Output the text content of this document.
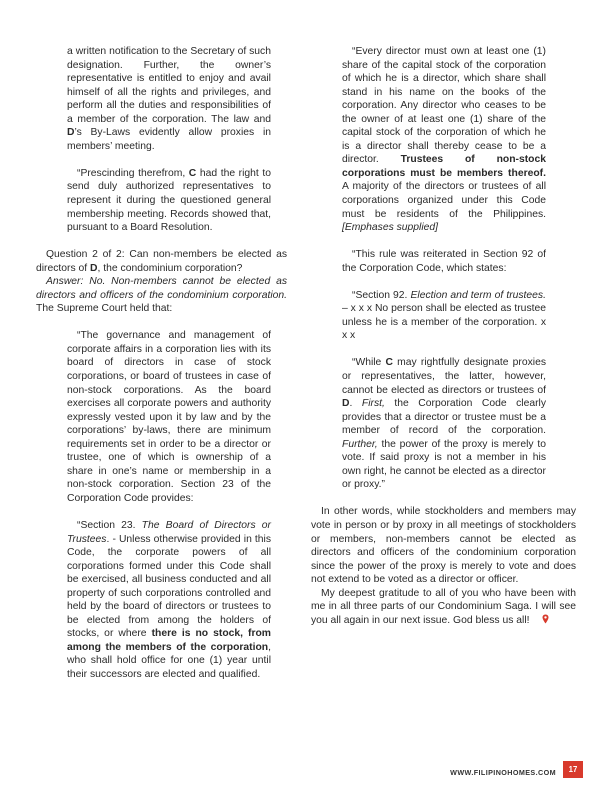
a written notification to the Secretary of such designation. Further, the owner’s representative is entitled to enjoy and avail himself of all the rights and privileges, and perform all the duties and responsibilities of a member of the corporation. The law and D’s By-Laws evidently allow proxies in members’ meeting.

“Prescinding therefrom, C had the right to send duly authorized representatives to represent it during the questioned general membership meeting. Records showed that, pursuant to a Board Resolution.

Question 2 of 2: Can non-members be elected as directors of D, the condominium corporation?

Answer: No. Non-members cannot be elected as directors and officers of the condominium corporation. The Supreme Court held that:

“The governance and management of corporate affairs in a corporation lies with its board of directors in case of stock corporations, or board of trustees in case of non-stock corporations. As the board exercises all corporate powers and authority expressly vested upon it by law and by the corporations’ by-laws, there are minimum requirements set in order to be a director or trustee, one of which is ownership of a share in one’s name or membership in a non-stock corporation. Section 23 of the Corporation Code provides:

“Section 23. The Board of Directors or Trustees. - Unless otherwise provided in this Code, the corporate powers of all corporations formed under this Code shall be exercised, all business conducted and all property of such corporations controlled and held by the board of directors or trustees to be elected from among the holders of stocks, or where there is no stock, from among the members of the corporation, who shall hold office for one (1) year until their successors are elected and qualified.

“Every director must own at least one (1) share of the capital stock of the corporation of which he is a director, which share shall stand in his name on the books of the corporation. Any director who ceases to be the owner of at least one (1) share of the capital stock of the corporation of which he is a director shall thereby cease to be a director. Trustees of non-stock corporations must be members thereof. A majority of the directors or trustees of all corporations organized under this Code must be residents of the Philippines. [Emphases supplied]

“This rule was reiterated in Section 92 of the Corporation Code, which states:

“Section 92. Election and term of trustees. – x x x No person shall be elected as trustee unless he is a member of the corporation. x x x

“While C may rightfully designate proxies or representatives, the latter, however, cannot be elected as directors or trustees of D. First, the Corporation Code clearly provides that a director or trustee must be a member of record of the corporation. Further, the power of the proxy is merely to vote. If said proxy is not a member in his own right, he cannot be elected as a director or proxy.”

In other words, while stockholders and members may vote in person or by proxy in all meetings of stockholders or members, non-members cannot be elected as directors and officers of the condominium corporation since the power of the proxy is merely to vote and does not extend to be voted as a director or officer.

My deepest gratitude to all of you who have been with me in all three parts of our Condominium Saga. I will see you all again in our next issue. God bless us all!

WWW.FILIPINOHOMES.COM	17
